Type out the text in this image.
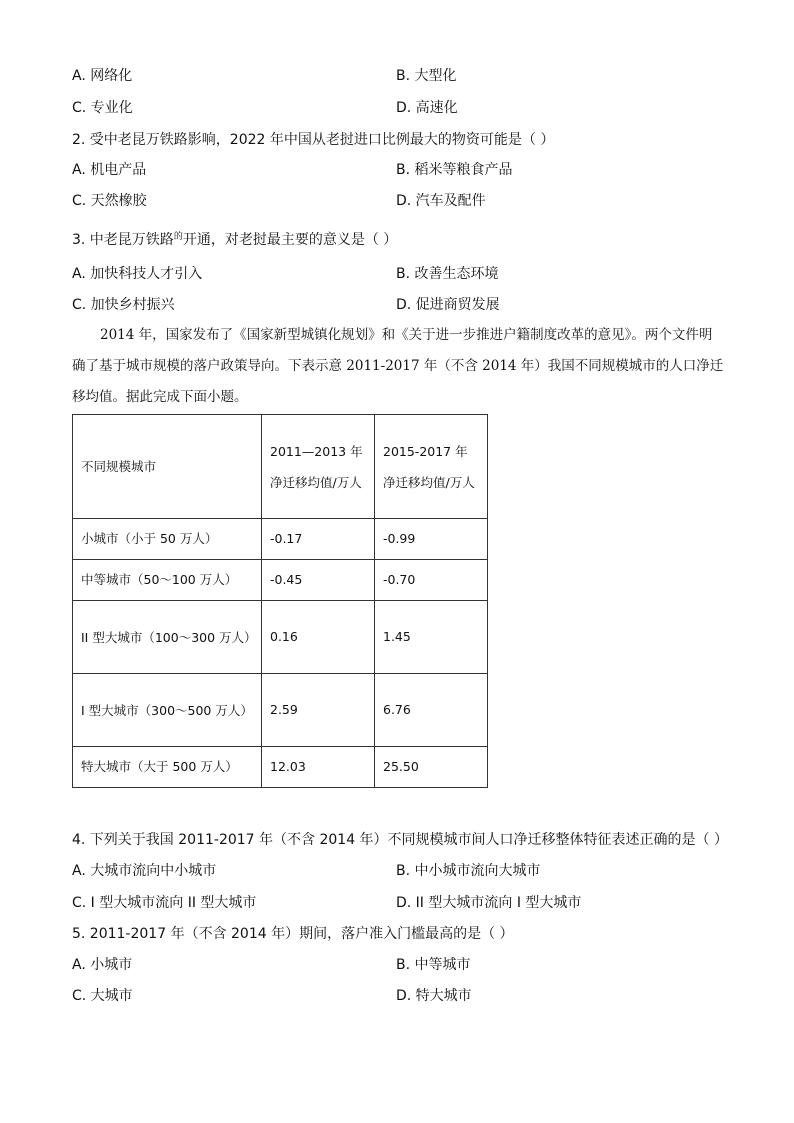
A. 网络化	B. 大型化
C. 专业化	D. 高速化
2. 受中老昆万铁路影响，2022 年中国从老挝进口比例最大的物资可能是（ ）
A. 机电产品	B. 稻米等粮食产品
C. 天然橡胶	D. 汽车及配件
3. 中老昆万铁路$^的$开通，对老挝最主要的意义是（ ）
A. 加快科技人才引入	B. 改善生态环境
C. 加快乡村振兴	D. 促进商贸发展

2014 年，国家发布了《国家新型城镇化规划》和《关于进一步推进户籍制度改革的意见》。两个文件明

确了基于城市规模的落户政策导向。下表示意 2011-2017 年（不含 2014 年）我国不同规模城市的人口净迁

移均值。据此完成下面小题。

不同规模城市	2011—2013 年净迁移均值/万人	2015-2017 年净迁移均值/万人
小城市（小于 50 万人）	-0.17	-0.99
中等城市（50～100 万人）	-0.45	-0.70
II 型大城市（100～300 万人）	0.16	1.45
I 型大城市（300～500 万人）	2.59	6.76
特大城市（大于 500 万人）	12.03	25.50
4. 下列关于我国 2011-2017 年（不含 2014 年）不同规模城市间人口净迁移整体特征表述正确的是（ ）
A. 大城市流向中小城市	B. 中小城市流向大城市
C. I 型大城市流向 II 型大城市	D. II 型大城市流向 I 型大城市
5. 2011-2017 年（不含 2014 年）期间，落户准入门槛最高的是（ ）
A. 小城市	B. 中等城市
C. 大城市	D. 特大城市
